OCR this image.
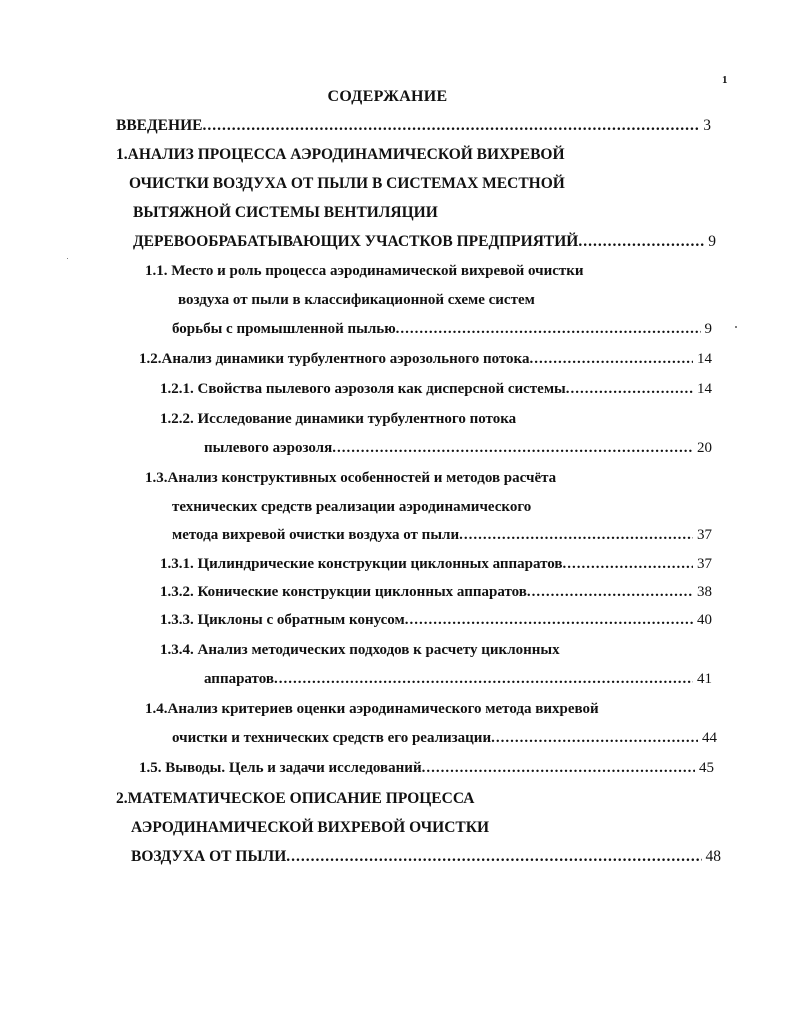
1
СОДЕРЖАНИЕ
ВВЕДЕНИЕ .....	3
1.АНАЛИЗ ПРОЦЕССА АЭРОДИНАМИЧЕСКОЙ ВИХРЕВОЙ
ОЧИСТКИ ВОЗДУХА ОТ ПЫЛИ В СИСТЕМАХ МЕСТНОЙ
ВЫТЯЖНОЙ СИСТЕМЫ ВЕНТИЛЯЦИИ
ДЕРЕВООБРАБАТЫВАЮЩИХ УЧАСТКОВ ПРЕДПРИЯТИЙ .....	9
1.1. Место и роль процесса аэродинамической вихревой очистки
воздуха от пыли в классификационной схеме систем
борьбы с промышленной пылью .....	9
1.2.Анализ динамики турбулентного аэрозольного потока .....	14
1.2.1. Свойства пылевого аэрозоля как дисперсной системы .....	14
1.2.2. Исследование динамики турбулентного потока
пылевого аэрозоля .....	20
1.3.Анализ конструктивных особенностей и методов расчёта
технических средств реализации аэродинамического
метода вихревой очистки воздуха от пыли .....	37
1.3.1. Цилиндрические конструкции циклонных аппаратов .....	37
1.3.2. Конические конструкции циклонных аппаратов .....	38
1.3.3. Циклоны с обратным конусом .....	40
1.3.4. Анализ методических подходов к расчету циклонных
аппаратов .....	41
1.4.Анализ критериев оценки аэродинамического метода вихревой
очистки и технических средств его реализации .....	44
1.5. Выводы. Цель и задачи исследований .....	45
2.МАТЕМАТИЧЕСКОЕ ОПИСАНИЕ ПРОЦЕССА
АЭРОДИНАМИЧЕСКОЙ ВИХРЕВОЙ ОЧИСТКИ
ВОЗДУХА ОТ ПЫЛИ .....	48
